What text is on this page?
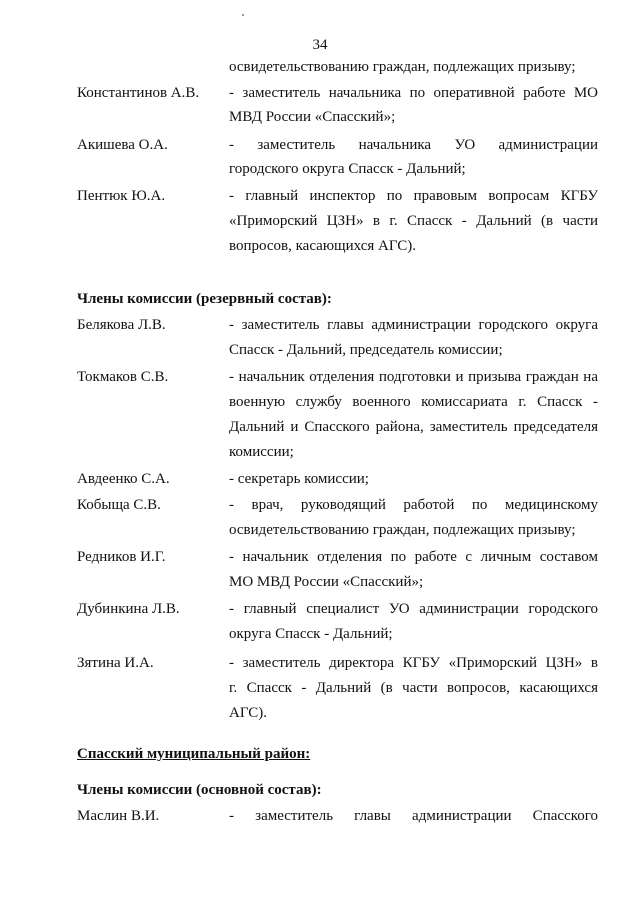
34
освидетельствованию граждан, подлежащих призыву;
Константинов А.В. - заместитель начальника по оперативной работе МО
МВД России «Спасский»;
Акишева О.А.	- заместитель начальника УО администрации
городского округа Спасск - Дальний;
Пентюк Ю.А.	- главный инспектор по правовым вопросам КГБУ
«Приморский ЦЗН» в г. Спасск - Дальний (в части
вопросов, касающихся АГС).
Члены комиссии (резервный состав):
Белякова Л.В.	- заместитель главы администрации городского округа
Спасск - Дальний, председатель комиссии;
Токмаков С.В.	- начальник отделения подготовки и призыва граждан на
военную службу военного комиссариата г. Спасск -
Дальний и Спасского района, заместитель председателя
комиссии;
Авдеенко С.А.	- секретарь комиссии;
Кобыща С.В.	- врач, руководящий работой по медицинскому
освидетельствованию граждан, подлежащих призыву;
Редников И.Г.	- начальник отделения по работе с личным составом
МО МВД России «Спасский»;
Дубинкина Л.В.	- главный специалист УО администрации городского
округа Спасск - Дальний;
Зятина И.А.	- заместитель директора КГБУ «Приморский ЦЗН» в
г. Спасск - Дальний (в части вопросов, касающихся
АГС).
Спасский муниципальный район:
Члены комиссии (основной состав):
Маслин В.И.	- заместитель главы администрации Спасского
